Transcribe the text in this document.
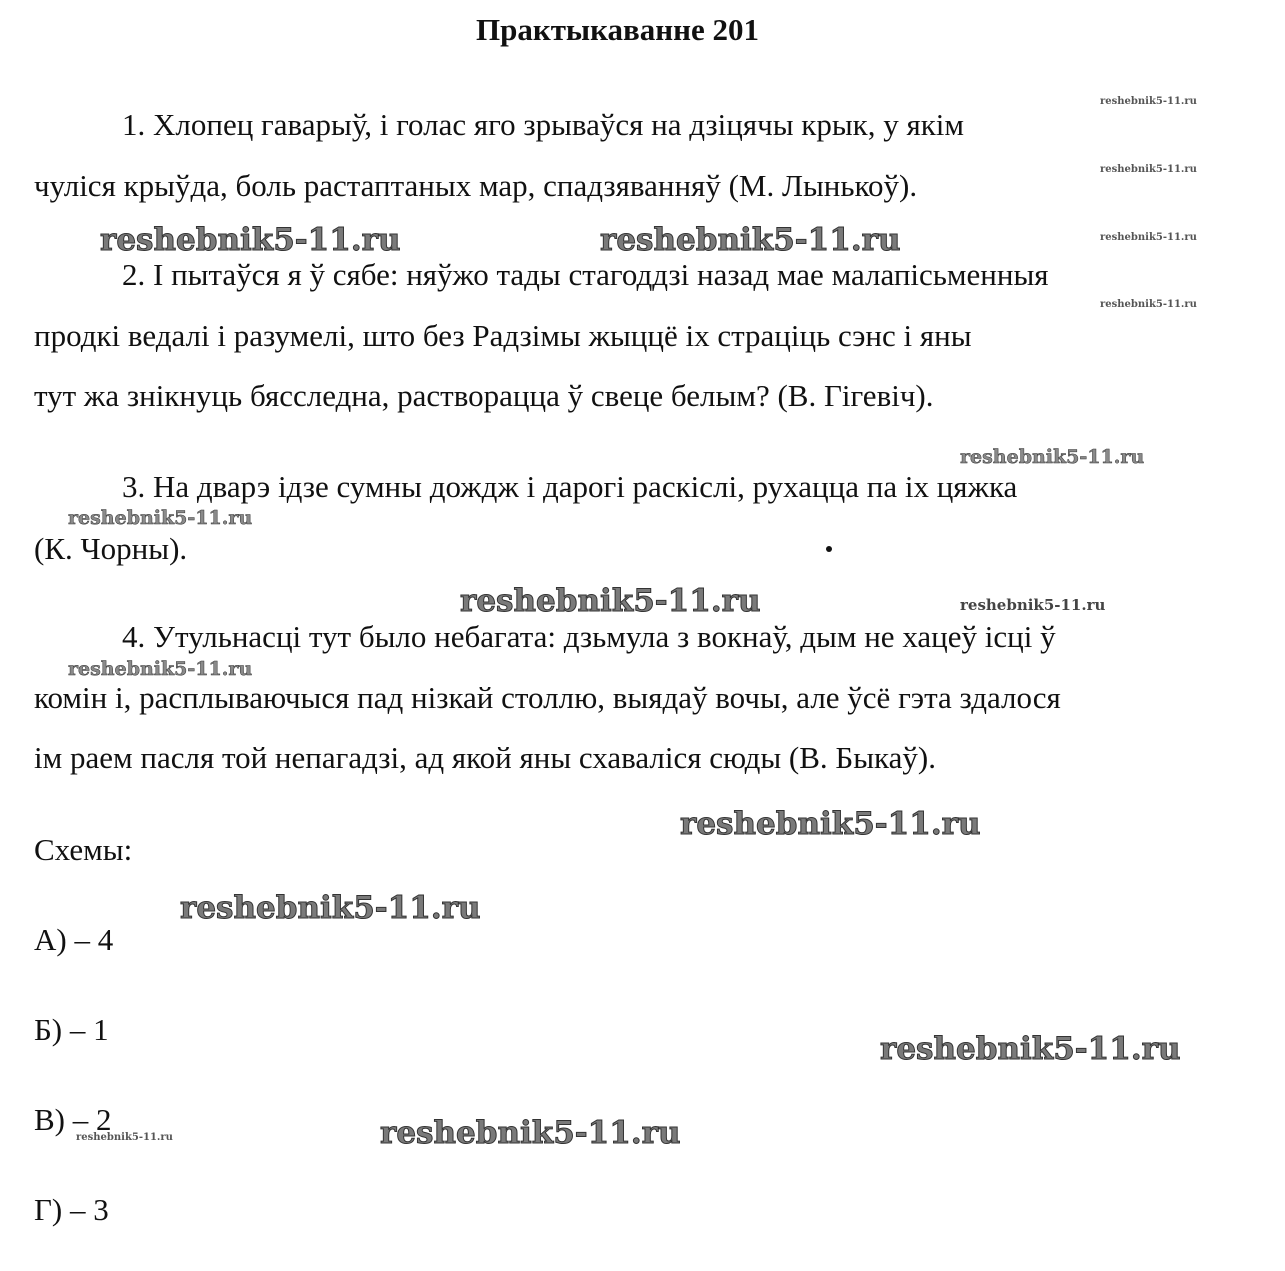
Практыкаванне 201
1. Хлопец гаварыў, і голас яго зрываўся на дзіцячы крык, у якім
чуліся крыўда, боль растаптаных мар, спадзяванняў (М. Лынькоў).
2. І пытаўся я ў сябе: няўжо тады стагоддзі назад мае малапісьменныя
продкі ведалі і разумелі, што без Радзімы жыццё іх страціць сэнс і яны
тут жа знікнуць бясследна, растворацца ў свеце белым? (В. Гігевіч).
3. На дварэ ідзе сумны дождж і дарогі раскіслі, рухацца па іх цяжка
(К. Чорны).
4. Утульнасці тут было небагата: дзьмула з вокнаў, дым не хацеў ісці ў
комін і, расплываючыся пад нізкай столлю, выядаў вочы, але ўсё гэта здалося
ім раем пасля той непагадзі, ад якой яны схаваліся сюды (В. Быкаў).
Схемы:
А) – 4
Б) – 1
В) – 2
Г) – 3
reshebnik5-11.ru	reshebnik5-11.ru
reshebnik5-11.ru
reshebnik5-11.ru
reshebnik5-11.ru
reshebnik5-11.ru
reshebnik5-11.ru
reshebnik5-11.ru
reshebnik5-11.ru
reshebnik5-11.ru
reshebnik5-11.ru
reshebnik5-11.ru
reshebnik5-11.ru
reshebnik5-11.ru
reshebnik5-11.ru
reshebnik5-11.ru
